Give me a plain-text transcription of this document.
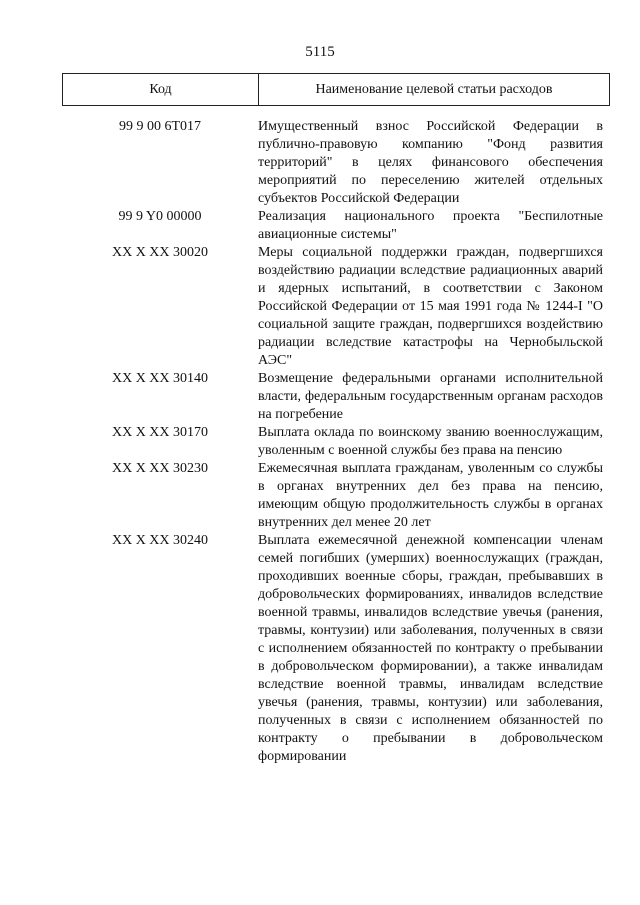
5115
Код	Наименование целевой статьи расходов
99 9 00 6Т017	Имущественный взнос Российской Федерации в публично-правовую компанию "Фонд развития территорий" в целях финансового обеспечения мероприятий по переселению жителей отдельных субъектов Российской Федерации
99 9 Y0 00000	Реализация национального проекта "Беспилотные авиационные системы"
XX X XX 30020	Меры социальной поддержки граждан, подвергшихся воздействию радиации вследствие радиационных аварий и ядерных испытаний, в соответствии с Законом Российской Федерации от 15 мая 1991 года № 1244-I "О социальной защите граждан, подвергшихся воздействию радиации вследствие катастрофы на Чернобыльской АЭС"
XX X XX 30140	Возмещение федеральными органами исполнительной власти, федеральным государственным органам расходов на погребение
XX X XX 30170	Выплата оклада по воинскому званию военнослужащим, уволенным с военной службы без права на пенсию
XX X XX 30230	Ежемесячная выплата гражданам, уволенным со службы в органах внутренних дел без права на пенсию, имеющим общую продолжительность службы в органах внутренних дел менее 20 лет
XX X XX 30240	Выплата ежемесячной денежной компенсации членам семей погибших (умерших) военнослужащих (граждан, проходивших военные сборы, граждан, пребывавших в добровольческих формированиях, инвалидов вследствие военной травмы, инвалидов вследствие увечья (ранения, травмы, контузии) или заболевания, полученных в связи с исполнением обязанностей по контракту о пребывании в добровольческом формировании), а также инвалидам вследствие военной травмы, инвалидам вследствие увечья (ранения, травмы, контузии) или заболевания, полученных в связи с исполнением обязанностей по контракту о пребывании в добровольческом формировании
